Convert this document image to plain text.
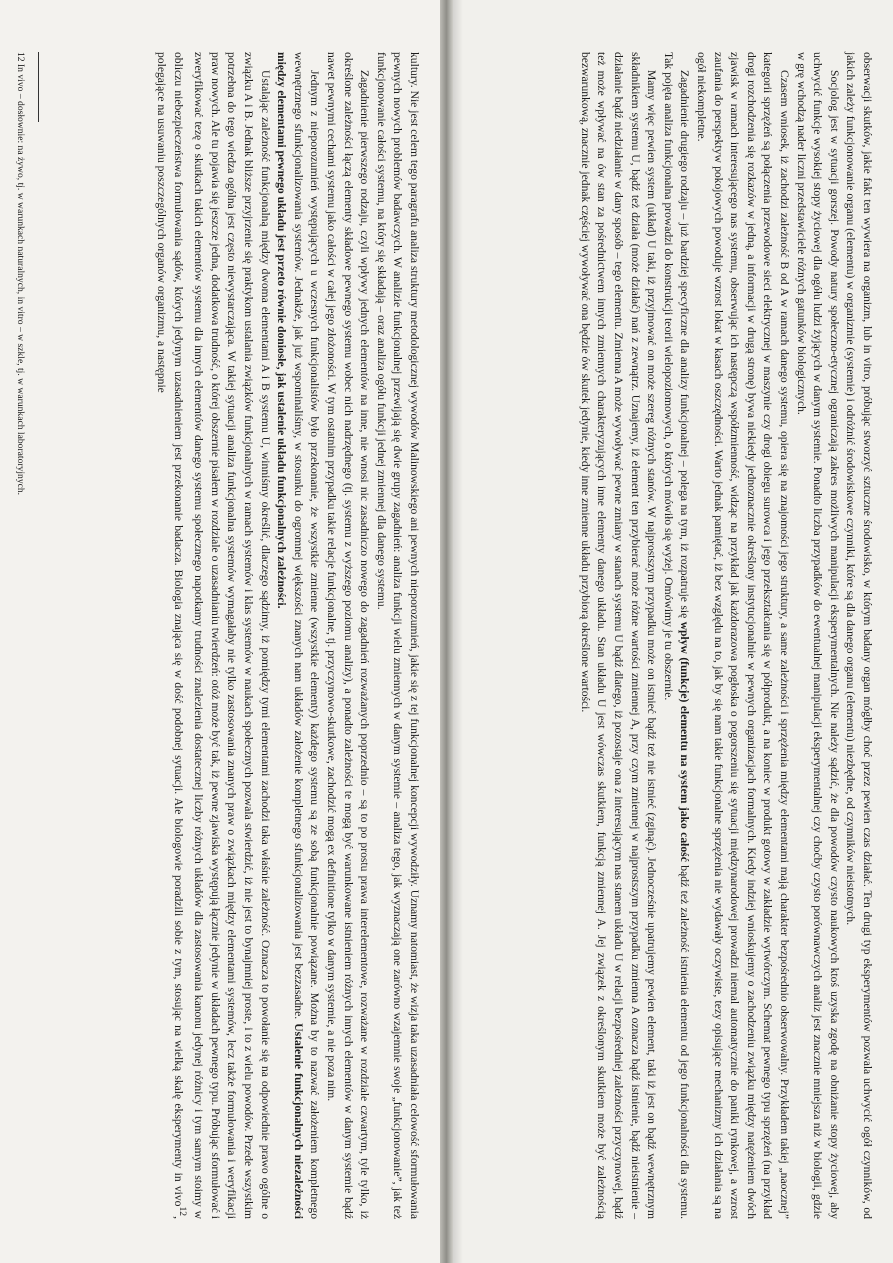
kultury. Nie jest celem tego paragrafu analiza struktury metodologicznej wywodów Malinowskiego ani pewnych nieporozumień, jakie się z tej funkcjonalnej koncepcji wywodziły. Uznamy natomiast, że wizja taka uzasadniała celowość sformułowania pewnych nowych problemów badawczych. W analizie funkcjonalnej przewijają się dwie grupy zagadnień: analiza funkcji wielu zmiennych w danym systemie – analiza tego, jak wyznaczają one zarówno wzajemnie swoje „funkcjonowanie”, jak też funkcjonowanie całości systemu, na który się składają – oraz analiza ogółu funkcji jednej zmiennej dla danego systemu.

Zagadnienie pierwszego rodzaju, czyli wpływy jednych elementów na inne, nie wnosi nic zasadniczo nowego do zagadnień rozważanych poprzednio – są to po prostu prawa interelementowe, rozważane w rozdziale czwartym, tyle tylko, iż określone zależności łączą elementy składowe pewnego systemu wobec nich nadrzędnego (tj. systemu z wyższego poziomu analizy), a ponadto zależności te mogą być warunkowane istnieniem różnych innych elementów w danym systemie bądź nawet pewnymi cechami systemu jako całości w całej jego złożoności. W tym ostatnim przypadku takie relacje funkcjonalne, tj. przyczynowo-skutkowe, zachodzić mogą ex definitione tylko w danym systemie, a nie poza nim.

Jednym z nieporozumień występujących u wczesnych funkcjonalistów było przekonanie, że wszystkie zmienne (wszystkie elementy) każdego systemu są ze sobą funkcjonalnie powiązane. Można by to nazwać założeniem kompletnego wewnętrznego sfunkcjonalizowania systemów. Jednakże, jak już wspominaliśmy, w stosunku do ogromnej większości znanych nam układów założenie kompletnego sfunkcjonalizowania jest bezzasadne. Ustalenie funkcjonalnych niezależności między elementami pewnego układu jest przeto równie doniosłe, jak ustalenie układu funkcjonalnych zależności.

Ustalając zależność funkcjonalną między dwoma elementami A i B systemu U, winniśmy określić, dlaczego sądzimy, iż pomiędzy tymi elementami zachodzi taka właśnie zależność. Oznacza to powołanie się na odpowiednie prawo ogólne o związku A i B. Jednak bliższe przyjrzenie się praktykom ustalania związków funkcjonalnych w ramach systemów i klas systemów w naukach społecznych pozwala stwierdzić, iż nie jest to bynajmniej proste, i to z wielu powodów. Przede wszystkim potrzebna do tego wiedza ogólna jest często niewystarczająca. W takiej sytuacji analiza funkcjonalna systemów wymagałaby nie tylko zastosowania znanych praw o związkach między elementami systemów, lecz także formułowania i weryfikacji praw nowych. Ale tu pojawia się jeszcze jedna, dodatkowa trudność, o której obszernie pisałem w rozdziale o uzasadnianiu twierdzeń: otóż może być tak, iż pewne zjawiska występują łącznie jedynie w układach pewnego typu. Próbując sformułować i zweryfikować tezę o skutkach takich elementów systemu dla innych elementów danego systemu społecznego napotkamy trudności znalezienia dostatecznej liczby różnych układów dla zastosowania kanonu jedynej różnicy i tym samym stoimy w obliczu niebezpieczeństwa formułowania sądów, których jedynym uzasadnieniem jest przekonanie badacza. Biologia znająca się w dość podobnej sytuacji. Ale biologowie poradzili sobie z tym, stosując na wielką skalę eksperymenty in vivo$^{12}$, polegające na usuwaniu poszczególnych organów organizmu, a następnie

12 In vivo – dosłownie: na żywo, tj. w warunkach naturalnych, in vitro – w szkle, tj. w warunkach laboratoryjnych.	obserwacji skutków, jakie fakt ten wywiera na organizm, lub in vitro, próbując stworzyć sztuczne środowisko, w którym badany organ mógłby choć przez pewien czas działać. Ten drugi typ eksperymentów pozwala uchwycić ogół czynników, od jakich zależy funkcjonowanie organu (elementu) w organizmie (systemie) i odróżnić środowiskowe czynniki, które są dla danego organu (elementu) niezbędne, od czynników nieistotnych.

Socjolog jest w sytuacji gorszej. Powody natury społeczno-etycznej ograniczają zakres możliwych manipulacji eksperymentalnych. Nie należy sądzić, że dla powodów czysto naukowych ktoś uzyska zgodę na obniżanie stopy życiowej, aby uchwycić funkcje wysokiej stopy życiowej dla ogółu ludzi żyjących w danym systemie. Ponadto liczba przypadków do ewentualnej manipulacji eksperymentalnej czy choćby czysto porównawczych analiz jest znacznie mniejsza niż w biologii, gdzie w grę wchodzą nader liczni przedstawiciele różnych gatunków biologicznych.

Czasem wniosek, iż zachodzi zależność B od A w ramach danego systemu, opiera się na znajomości jego struktury, a same zależności i sprzężenia między elementami mają charakter bezpośrednio obserwowalny. Przykładem takiej „naocznej” kategorii sprzężeń są połączenia przewodowe sieci elektrycznej w maszynie czy drogi obiegu surowca i jego przekształcania się w półprodukt, a na koniec w produkt gotowy w zakładzie wytwórczym. Schemat pewnego typu sprzężeń (na przykład drogi rozchodzenia się rozkazów w jedną, a informacji w drugą stronę) bywa niekiedy jednoznacznie określony instytucjonalnie w pewnych organizacjach formalnych. Kiedy indziej wnioskujemy o zachodzeniu związku między natężeniem dwóch zjawisk w ramach interesującego nas systemu, obserwując ich następczą współzmienność, widząc na przykład jak każdorazowa pogłoska o pogorszeniu się sytuacji międzynarodowej prowadzi niemal automatycznie do paniki rynkowej, a wzrost zaufania do perspektyw pokojowych powoduje wzrost lokat w kasach oszczędności. Warto jednak pamiętać, iż bez względu na to, jak by się nam takie funkcjonalne sprzężenia nie wydawały oczywiste, tezy opisujące mechanizmy ich działania są na ogół niekompletne.

Zagadnienie drugiego rodzaju – już bardziej specyficzne dla analizy funkcjonalnej – polega na tym, iż rozpatruje się wpływ (funkcje) elementu na system jako całość bądź też zależność istnienia elementu od jego funkcjonalności dla systemu. Tak pojęta analiza funkcjonalna prowadzi do konstrukcji teorii wielopoziomowych, o których mówiło się wyżej. Omówimy je tu obszernie.

Mamy więc pewien system (układ) U taki, iż przyjmować on może szereg różnych stanów. W najprostszym przypadku może on istnieć bądź też nie istnieć (zginąć). Jednocześnie upatrujemy pewien element, taki iż jest on bądź wewnętrznym składnikiem systemu U, bądź też działa (może działać) nań z zewnątrz. Uznajemy, iż element ten przybierać może różne wartości zmiennej A, przy czym zmiennej w najprostszym przypadku zmienna A oznacza bądź istnienie, bądź nieistnienie – działanie bądź niedziałanie w dany sposób – tego elementu. Zmienna A może wywoływać pewne zmiany w stanach systemu U bądź dlatego, iż pozostaje ona z interesującym nas stanem układu U w relacji bezpośredniej zależności przyczynowej, bądź też może wpływać na ów stan za pośrednictwem innych zmiennych charakteryzujących inne elementy danego układu. Stan układu U jest wówczas skutkiem, funkcją zmiennej A. Jej związek z określonym skutkiem może być zależnością bezwarunkową, znacznie jednak częściej wywoływać ona będzie ów skutek jedynie, kiedy inne zmienne układu przybiorą określone wartości.
